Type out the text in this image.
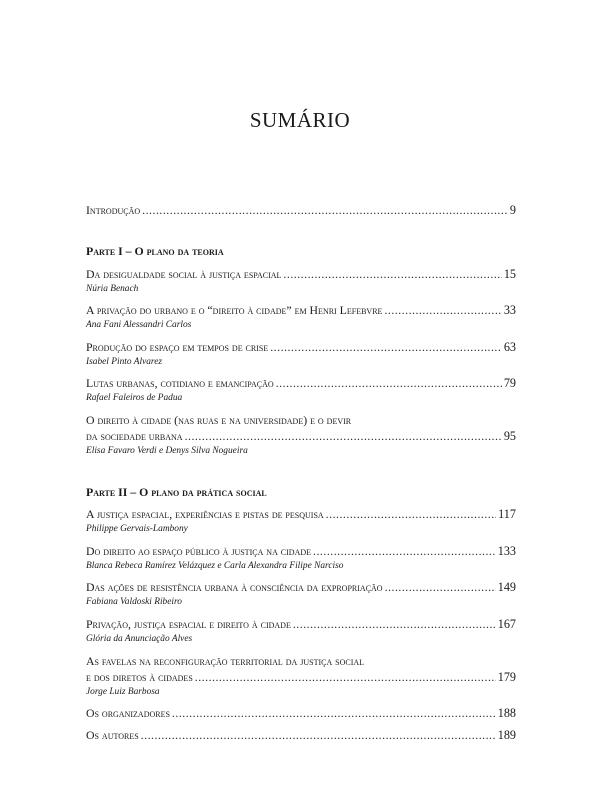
SUMÁRIO
Introdução .....	9
Parte I – O plano da teoria
Da desigualdade social à justiça espacial .....	15
Núria Benach
A privação do urbano e o “direito à cidade” em Henri Lefebvre .....	33
Ana Fani Alessandri Carlos
Produção do espaço em tempos de crise .....	63
Isabel Pinto Alvarez
Lutas urbanas, cotidiano e emancipação .....	79
Rafael Faleiros de Padua
O direito à cidade (nas ruas e na universidade) e o devir
da sociedade urbana .....	95
Elisa Favaro Verdi e Denys Silva Nogueira
Parte II – O plano da prática social
A justiça espacial, experiências e pistas de pesquisa .....	117
Philippe Gervais-Lambony
Do direito ao espaço público à justiça na cidade .....	133
Blanca Rebeca Ramírez Velázquez e Carla Alexandra Filipe Narciso
Das ações de resistência urbana à consciência da expropriação .....	149
Fabiana Valdoski Ribeiro
Privação, justiça espacial e direito à cidade .....	167
Glória da Anunciação Alves
As favelas na reconfiguração territorial da justiça social
e dos diretos à cidades .....	179
Jorge Luiz Barbosa
Os organizadores .....	188
Os autores .....	189
